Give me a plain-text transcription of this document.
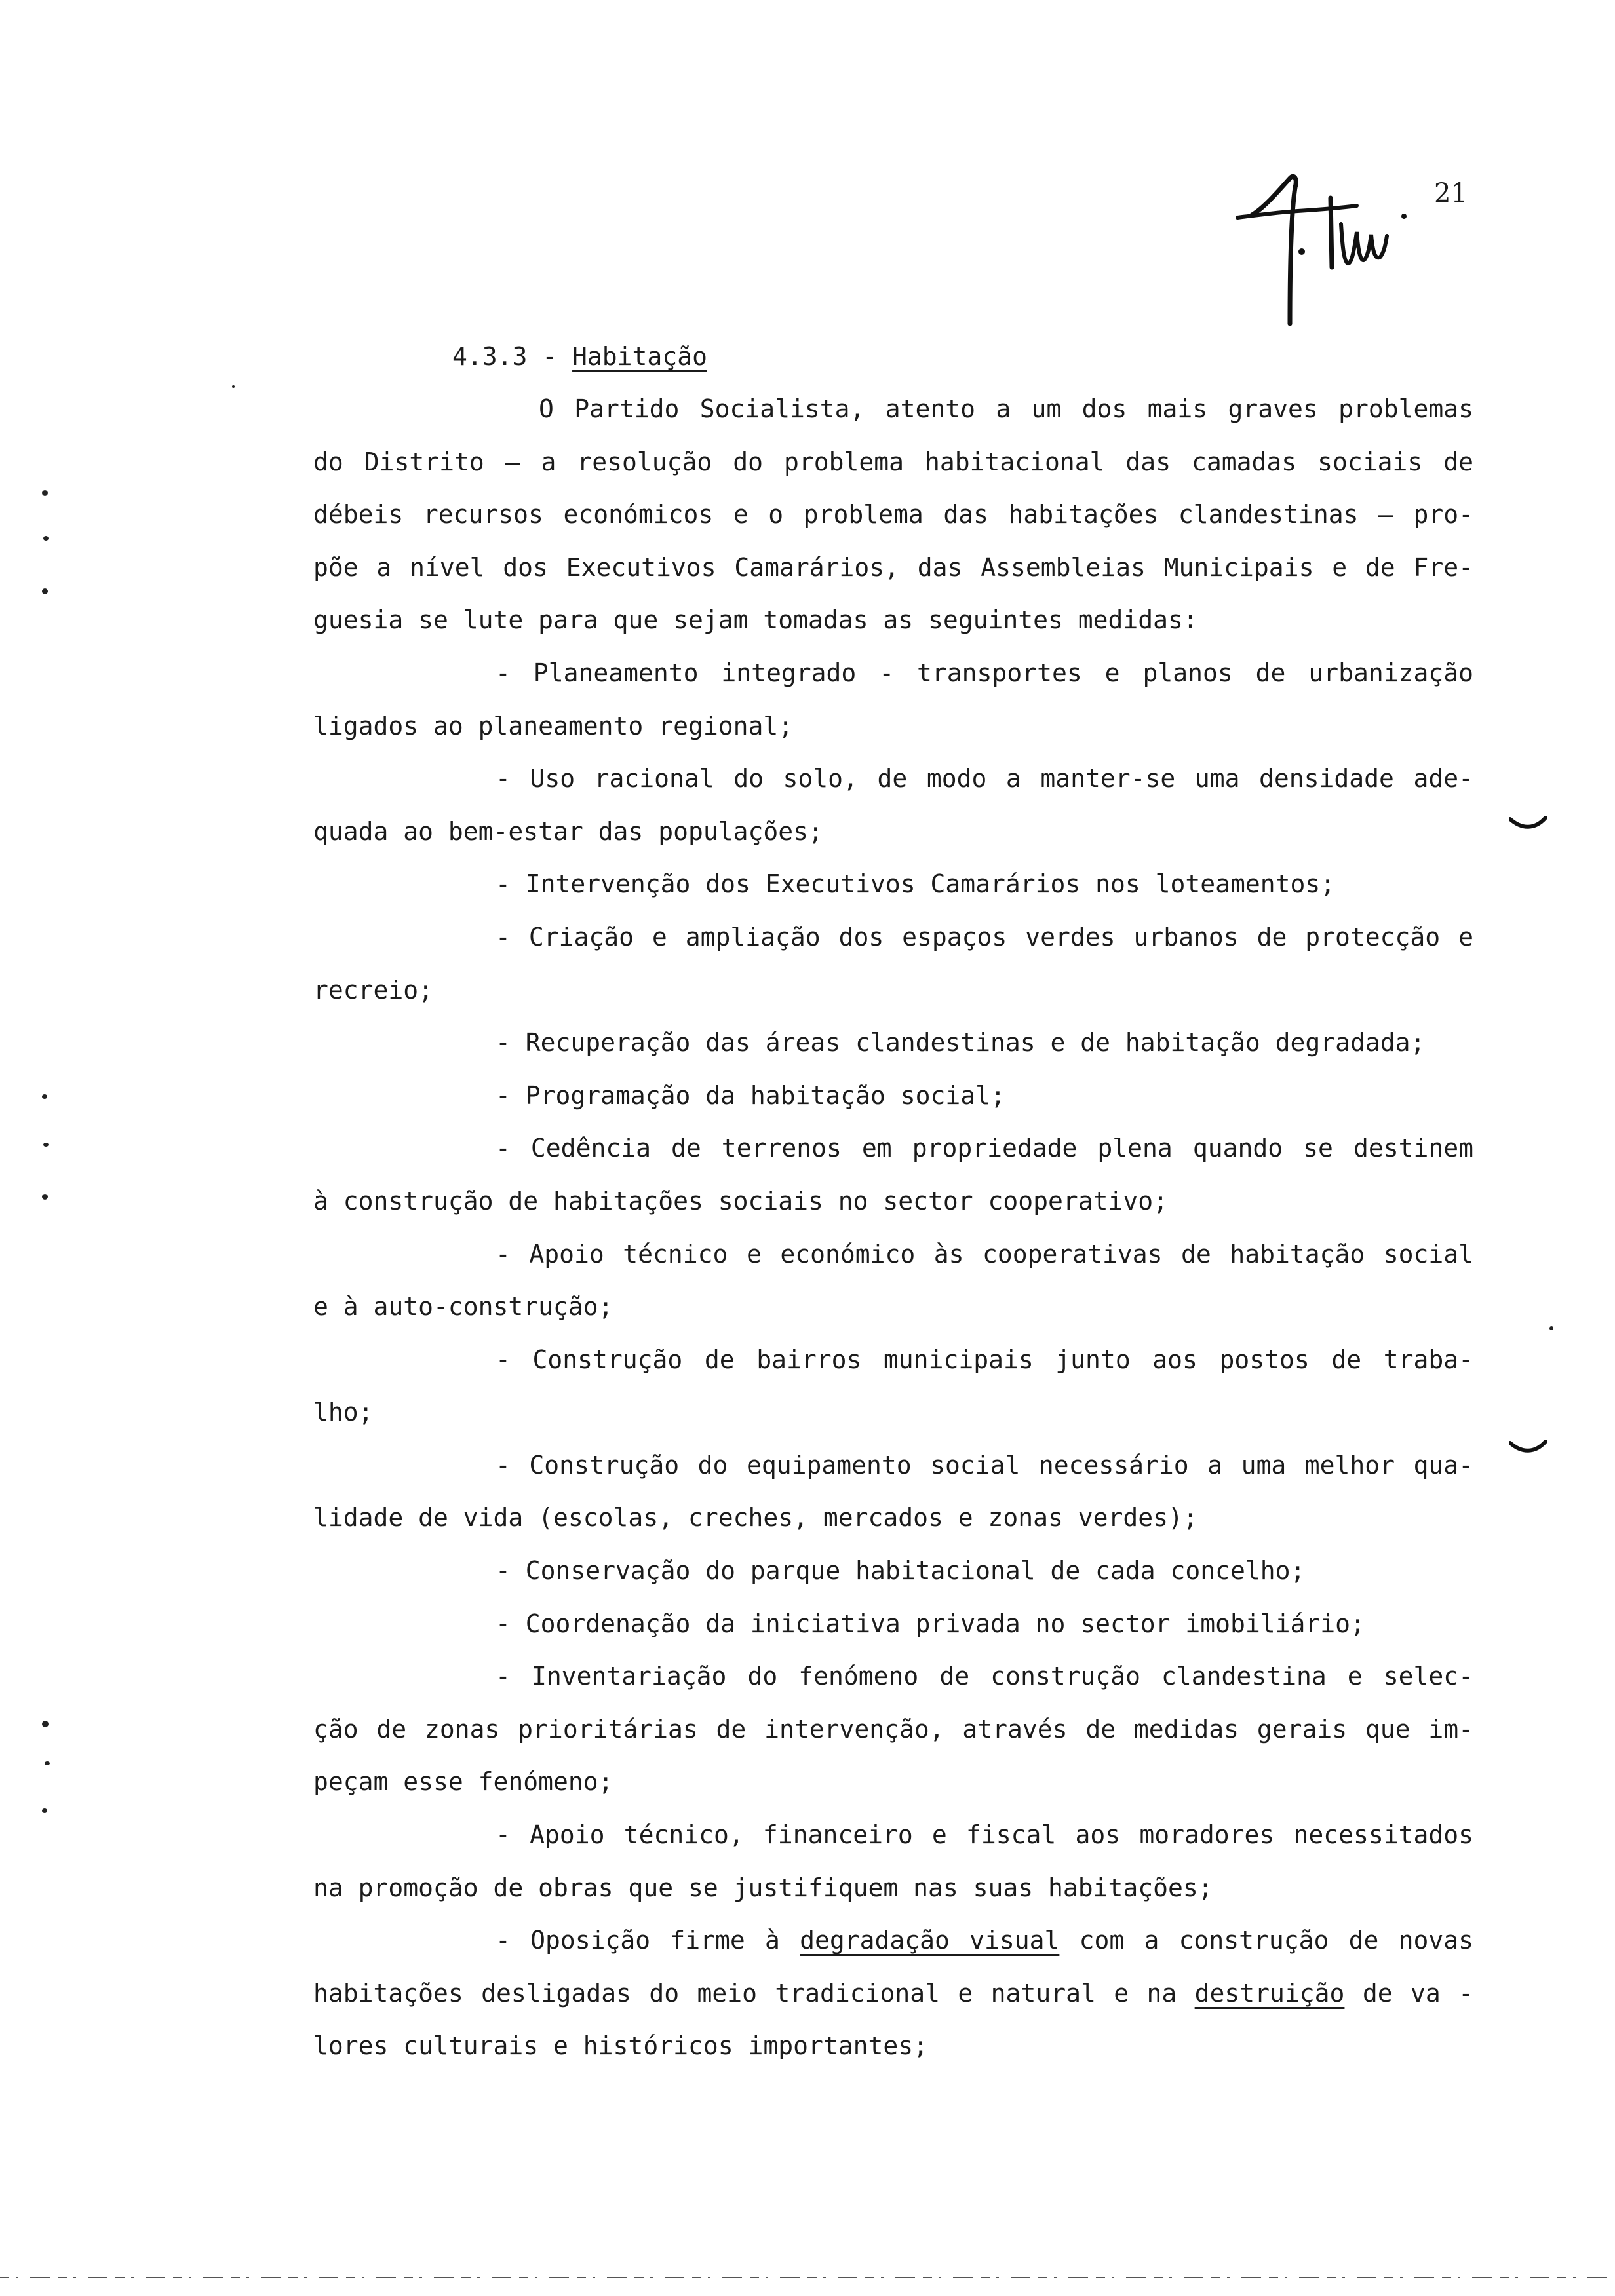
21
4.3.3 - Habitação

O Partido Socialista, atento a um dos mais graves problemas
do Distrito — a resolução do problema habitacional das camadas sociais de
débeis recursos económicos e o problema das habitações clandestinas — pro-
põe a nível dos Executivos Camarários, das Assembleias Municipais e de Fre-
guesia se lute para que sejam tomadas as seguintes medidas:

- Planeamento integrado - transportes e planos de urbanização
ligados ao planeamento regional;

- Uso racional do solo, de modo a manter-se uma densidade ade-
quada ao bem-estar das populações;

- Intervenção dos Executivos Camarários nos loteamentos;

- Criação e ampliação dos espaços verdes urbanos de protecção e
recreio;

- Recuperação das áreas clandestinas e de habitação degradada;

- Programação da habitação social;

- Cedência de terrenos em propriedade plena quando se destinem
à construção de habitações sociais no sector cooperativo;

- Apoio técnico e económico às cooperativas de habitação social
e à auto-construção;

- Construção de bairros municipais junto aos postos de traba-
lho;

- Construção do equipamento social necessário a uma melhor qua-
lidade de vida (escolas, creches, mercados e zonas verdes);

- Conservação do parque habitacional de cada concelho;

- Coordenação da iniciativa privada no sector imobiliário;

- Inventariação do fenómeno de construção clandestina e selec-
ção de zonas prioritárias de intervenção, através de medidas gerais que im-
peçam esse fenómeno;

- Apoio técnico, financeiro e fiscal aos moradores necessitados
na promoção de obras que se justifiquem nas suas habitações;

- Oposição firme à degradação visual com a construção de novas
habitações desligadas do meio tradicional e natural e na destruição de va -
lores culturais e históricos importantes;
